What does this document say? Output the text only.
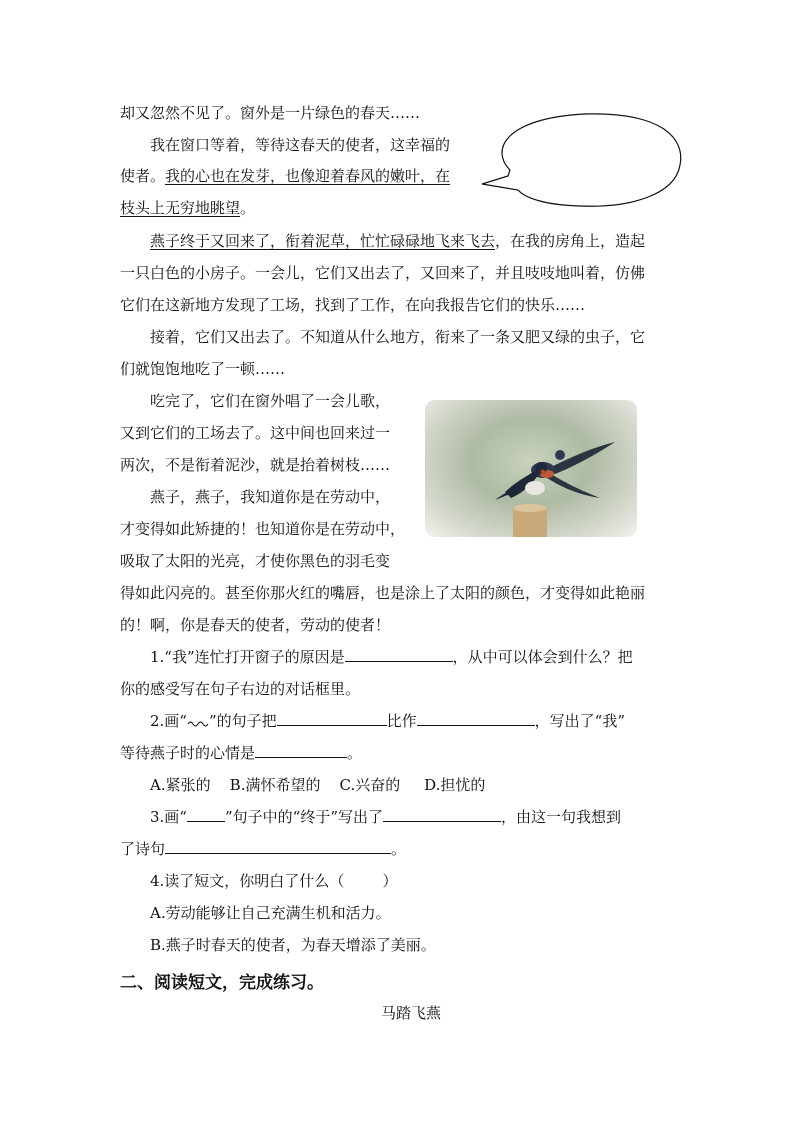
却又忽然不见了。窗外是一片绿色的春天……
我在窗口等着，等待这春天的使者，这幸福的
使者。我的心也在发芽，也像迎着春风的嫩叶，在
枝头上无穷地眺望。
燕子终于又回来了，衔着泥草，忙忙碌碌地飞来飞去，在我的房角上，造起
一只白色的小房子。一会儿，它们又出去了，又回来了，并且吱吱地叫着，仿佛
它们在这新地方发现了工场，找到了工作，在向我报告它们的快乐……
接着，它们又出去了。不知道从什么地方，衔来了一条又肥又绿的虫子，它
们就饱饱地吃了一顿……
吃完了，它们在窗外唱了一会儿歌，
又到它们的工场去了。这中间也回来过一
两次，不是衔着泥沙，就是抬着树枝……
燕子，燕子，我知道你是在劳动中，
才变得如此矫捷的！也知道你是在劳动中，
吸取了太阳的光亮，才使你黑色的羽毛变
得如此闪亮的。甚至你那火红的嘴唇，也是涂上了太阳的颜色，才变得如此艳丽
的！啊，你是春天的使者，劳动的使者！
1.“我”连忙打开窗子的原因是	，从中可以体会到什么？把
你的感受写在句子右边的对话框里。
2.画“ ”的句子把	比作	，写出了“我”
等待燕子时的心情是	。
A.紧张的    B.满怀希望的    C.兴奋的     D.担忧的
3.画“	”句子中的“终于”写出了	，由这一句我想到
了诗句	。
4.读了短文，你明白了什么（        ）
A.劳动能够让自己充满生机和活力。
B.燕子时春天的使者，为春天增添了美丽。
二、阅读短文，完成练习。
马踏飞燕
